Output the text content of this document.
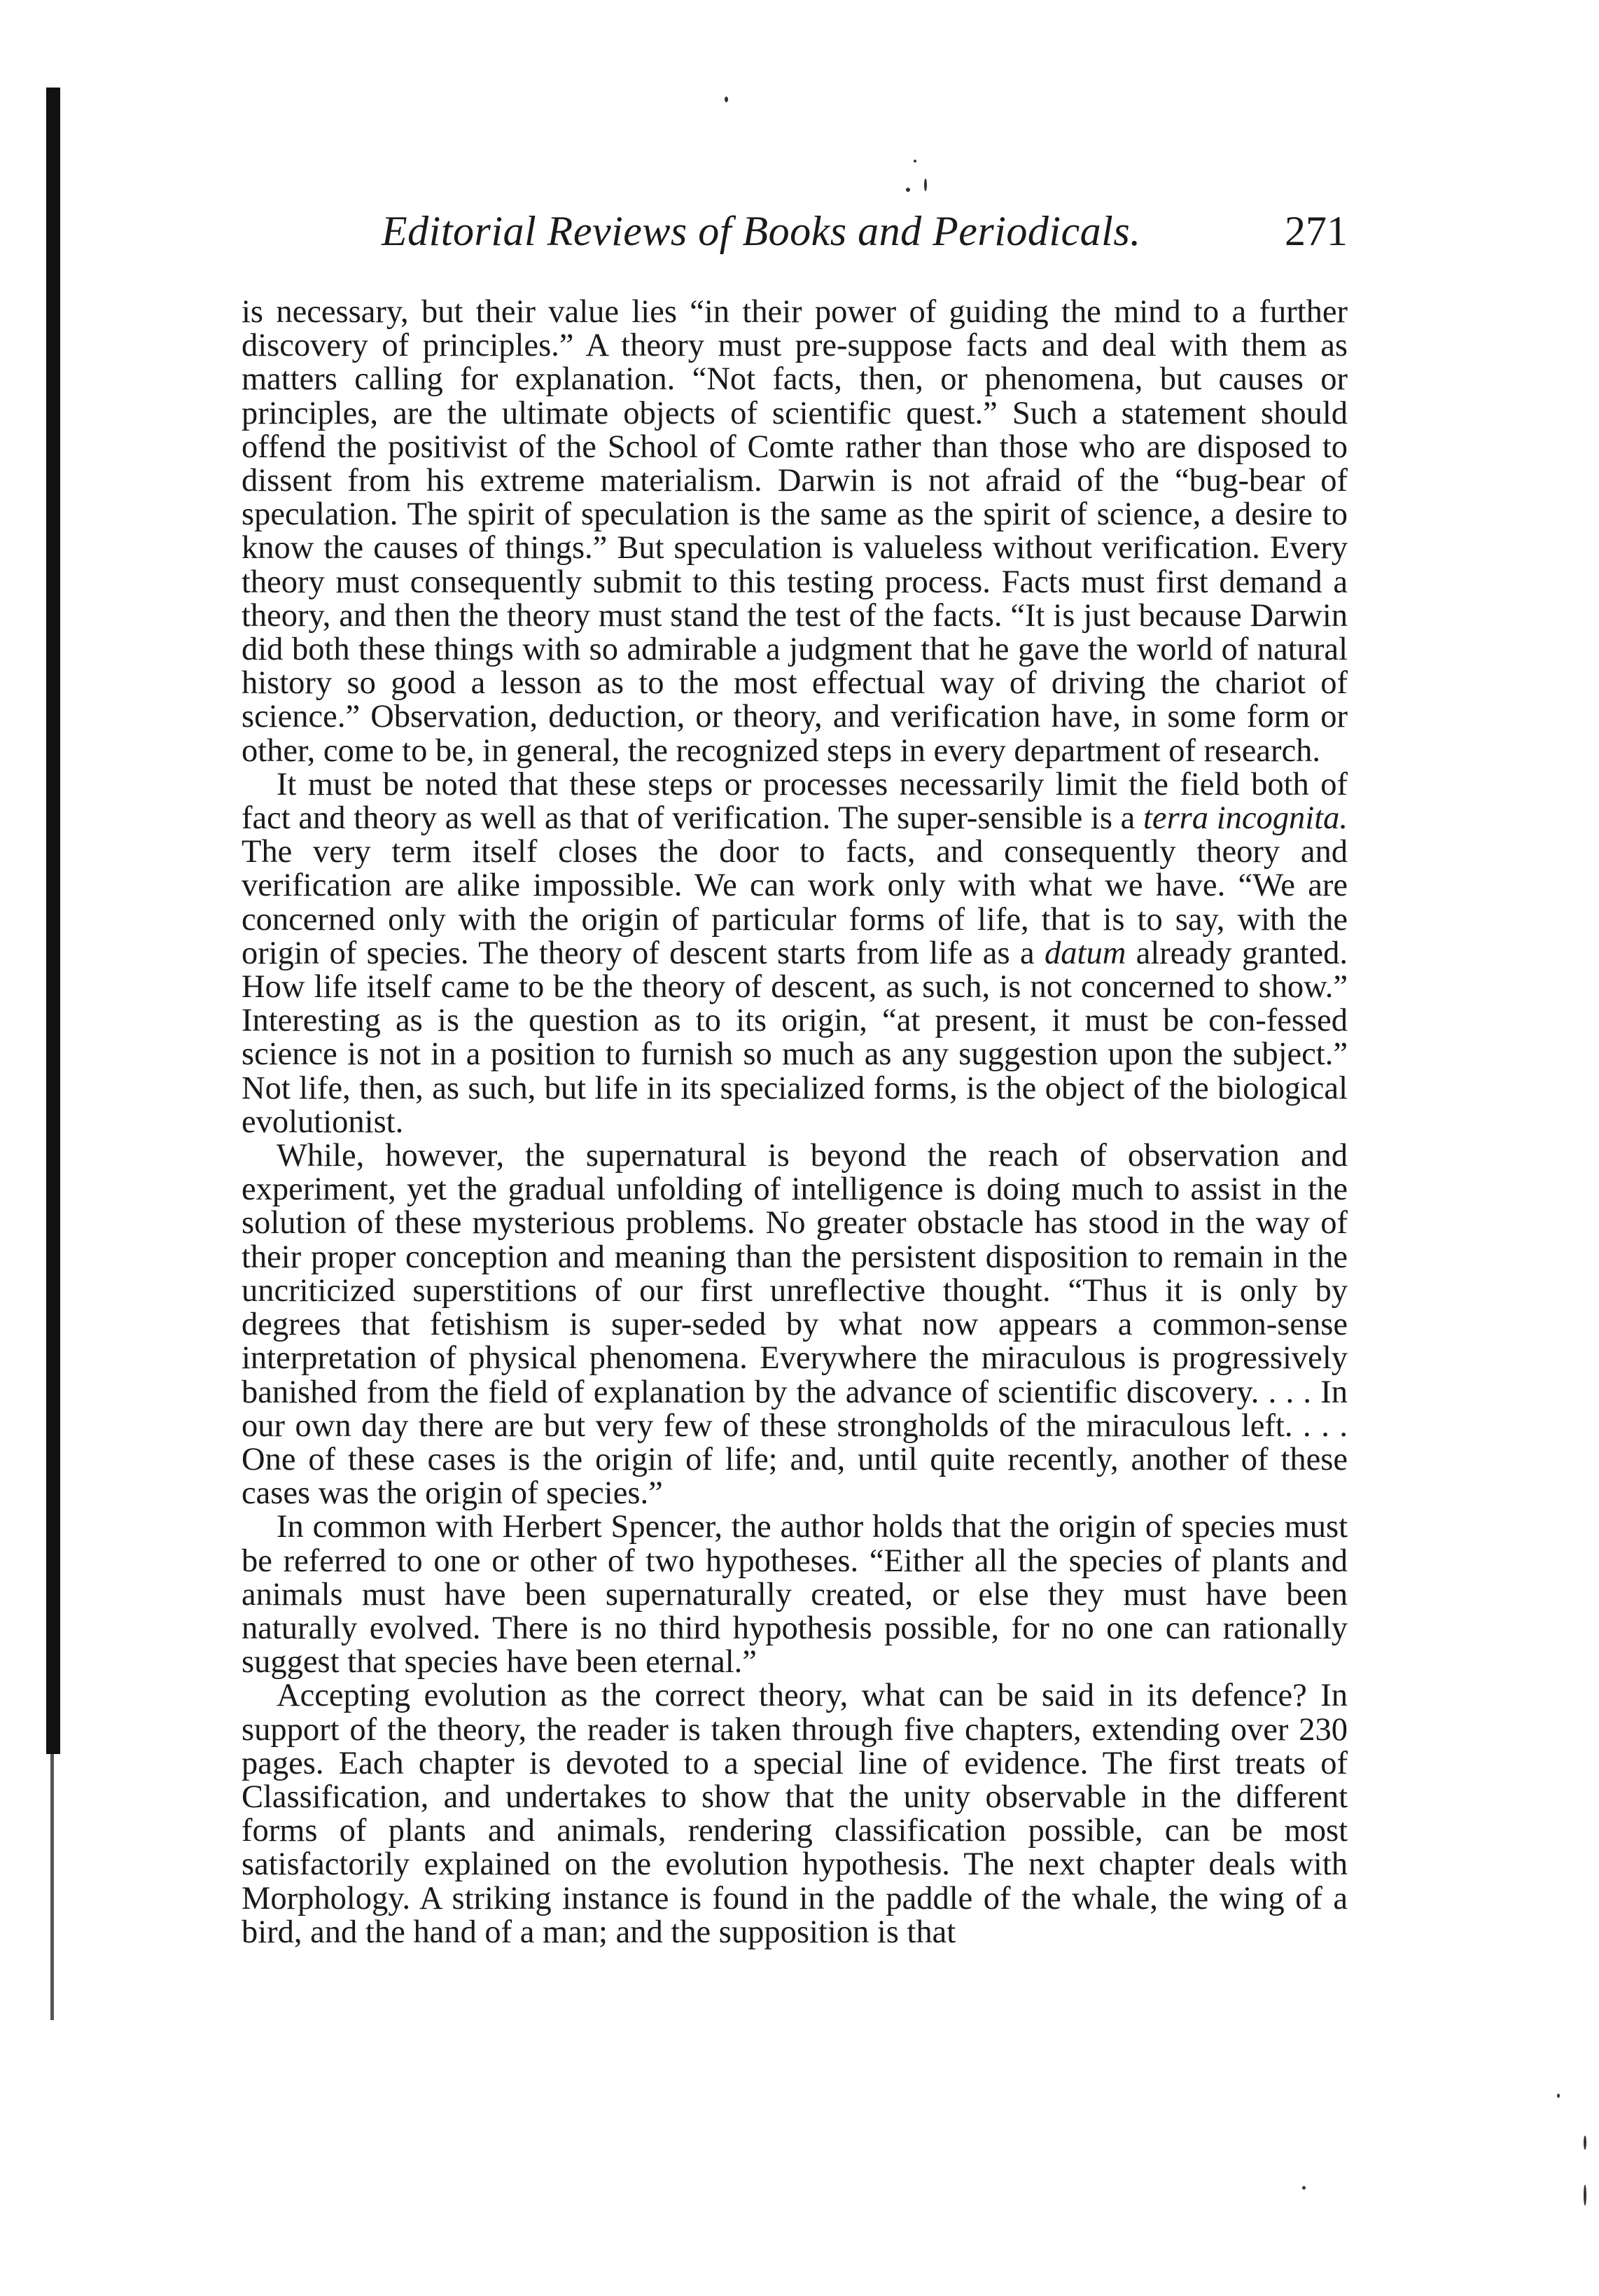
Editorial Reviews of Books and Periodicals.	271

is necessary, but their value lies “in their power of guiding the mind to a further discovery of principles.” A theory must pre-suppose facts and deal with them as matters calling for explanation. “Not facts, then, or phenomena, but causes or principles, are the ultimate objects of scientific quest.” Such a statement should offend the positivist of the School of Comte rather than those who are disposed to dissent from his extreme materialism. Darwin is not afraid of the “bug-bear of speculation. The spirit of speculation is the same as the spirit of science, a desire to know the causes of things.” But speculation is valueless without verification. Every theory must consequently submit to this testing process. Facts must first demand a theory, and then the theory must stand the test of the facts. “It is just because Darwin did both these things with so admirable a judgment that he gave the world of natural history so good a lesson as to the most effectual way of driving the chariot of science.” Observation, deduction, or theory, and verification have, in some form or other, come to be, in general, the recognized steps in every department of research.

It must be noted that these steps or processes necessarily limit the field both of fact and theory as well as that of verification. The super-sensible is a terra incognita. The very term itself closes the door to facts, and consequently theory and verification are alike impossible. We can work only with what we have. “We are concerned only with the origin of particular forms of life, that is to say, with the origin of species. The theory of descent starts from life as a datum already granted. How life itself came to be the theory of descent, as such, is not concerned to show.” Interesting as is the question as to its origin, “at present, it must be con-fessed science is not in a position to furnish so much as any suggestion upon the subject.” Not life, then, as such, but life in its specialized forms, is the object of the biological evolutionist.

While, however, the supernatural is beyond the reach of observation and experiment, yet the gradual unfolding of intelligence is doing much to assist in the solution of these mysterious problems. No greater obstacle has stood in the way of their proper conception and meaning than the persistent disposition to remain in the uncriticized superstitions of our first unreflective thought. “Thus it is only by degrees that fetishism is super-seded by what now appears a common-sense interpretation of physical phenomena. Everywhere the miraculous is progressively banished from the field of explanation by the advance of scientific discovery. . . . In our own day there are but very few of these strongholds of the miraculous left. . . . One of these cases is the origin of life; and, until quite recently, another of these cases was the origin of species.”

In common with Herbert Spencer, the author holds that the origin of species must be referred to one or other of two hypotheses. “Either all the species of plants and animals must have been supernaturally created, or else they must have been naturally evolved. There is no third hypothesis possible, for no one can rationally suggest that species have been eternal.”

Accepting evolution as the correct theory, what can be said in its defence? In support of the theory, the reader is taken through five chapters, extending over 230 pages. Each chapter is devoted to a special line of evidence. The first treats of Classification, and undertakes to show that the unity observable in the different forms of plants and animals, rendering classification possible, can be most satisfactorily explained on the evolution hypothesis. The next chapter deals with Morphology. A striking instance is found in the paddle of the whale, the wing of a bird, and the hand of a man; and the supposition is that
